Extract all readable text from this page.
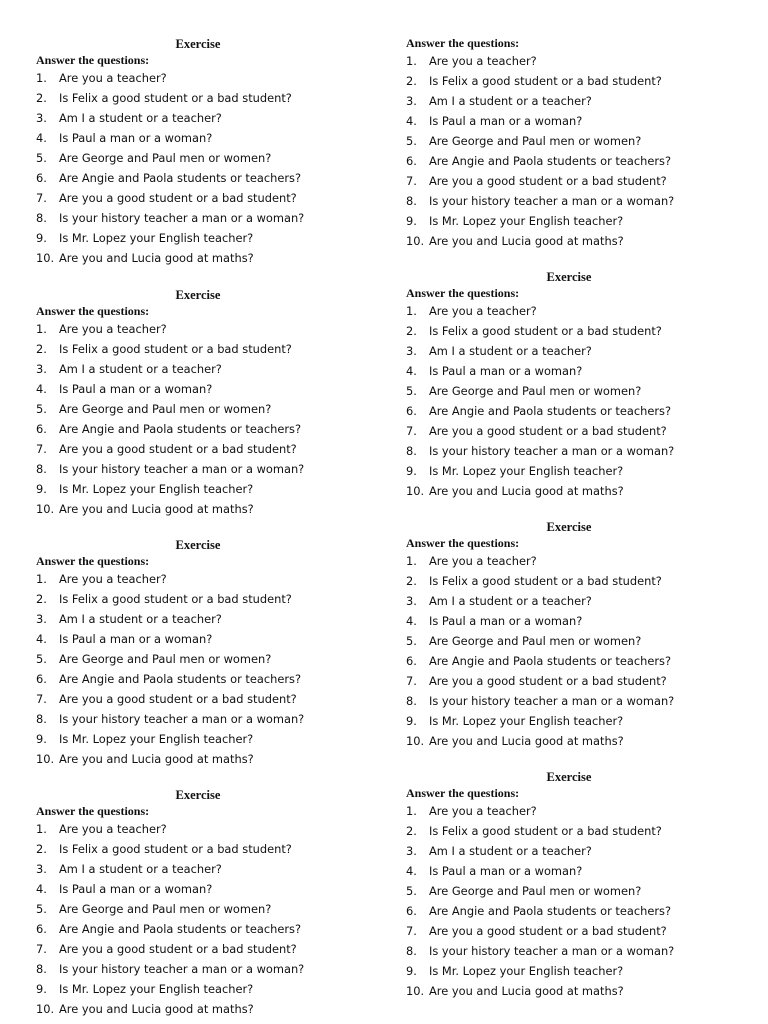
Exercise

Answer the questions:

1. Are you a teacher?
2. Is Felix a good student or a bad student?
3. Am I a student or a teacher?
4. Is Paul a man or a woman?
5. Are George and Paul men or women?
6. Are Angie and Paola students or teachers?
7. Are you a good student or a bad student?
8. Is your history teacher a man or a woman?
9. Is Mr. Lopez your English teacher?
10. Are you and Lucia good at maths?
Exercise

Answer the questions:

1. Are you a teacher?
2. Is Felix a good student or a bad student?
3. Am I a student or a teacher?
4. Is Paul a man or a woman?
5. Are George and Paul men or women?
6. Are Angie and Paola students or teachers?
7. Are you a good student or a bad student?
8. Is your history teacher a man or a woman?
9. Is Mr. Lopez your English teacher?
10. Are you and Lucia good at maths?
Exercise

Answer the questions:

1. Are you a teacher?
2. Is Felix a good student or a bad student?
3. Am I a student or a teacher?
4. Is Paul a man or a woman?
5. Are George and Paul men or women?
6. Are Angie and Paola students or teachers?
7. Are you a good student or a bad student?
8. Is your history teacher a man or a woman?
9. Is Mr. Lopez your English teacher?
10. Are you and Lucia good at maths?
Exercise

Answer the questions:

1. Are you a teacher?
2. Is Felix a good student or a bad student?
3. Am I a student or a teacher?
4. Is Paul a man or a woman?
5. Are George and Paul men or women?
6. Are Angie and Paola students or teachers?
7. Are you a good student or a bad student?
8. Is your history teacher a man or a woman?
9. Is Mr. Lopez your English teacher?
10. Are you and Lucia good at maths?

Answer the questions:

1. Are you a teacher?
2. Is Felix a good student or a bad student?
3. Am I a student or a teacher?
4. Is Paul a man or a woman?
5. Are George and Paul men or women?
6. Are Angie and Paola students or teachers?
7. Are you a good student or a bad student?
8. Is your history teacher a man or a woman?
9. Is Mr. Lopez your English teacher?
10. Are you and Lucia good at maths?
Exercise

Answer the questions:

1. Are you a teacher?
2. Is Felix a good student or a bad student?
3. Am I a student or a teacher?
4. Is Paul a man or a woman?
5. Are George and Paul men or women?
6. Are Angie and Paola students or teachers?
7. Are you a good student or a bad student?
8. Is your history teacher a man or a woman?
9. Is Mr. Lopez your English teacher?
10. Are you and Lucia good at maths?
Exercise

Answer the questions:

1. Are you a teacher?
2. Is Felix a good student or a bad student?
3. Am I a student or a teacher?
4. Is Paul a man or a woman?
5. Are George and Paul men or women?
6. Are Angie and Paola students or teachers?
7. Are you a good student or a bad student?
8. Is your history teacher a man or a woman?
9. Is Mr. Lopez your English teacher?
10. Are you and Lucia good at maths?
Exercise

Answer the questions:

1. Are you a teacher?
2. Is Felix a good student or a bad student?
3. Am I a student or a teacher?
4. Is Paul a man or a woman?
5. Are George and Paul men or women?
6. Are Angie and Paola students or teachers?
7. Are you a good student or a bad student?
8. Is your history teacher a man or a woman?
9. Is Mr. Lopez your English teacher?
10. Are you and Lucia good at maths?
